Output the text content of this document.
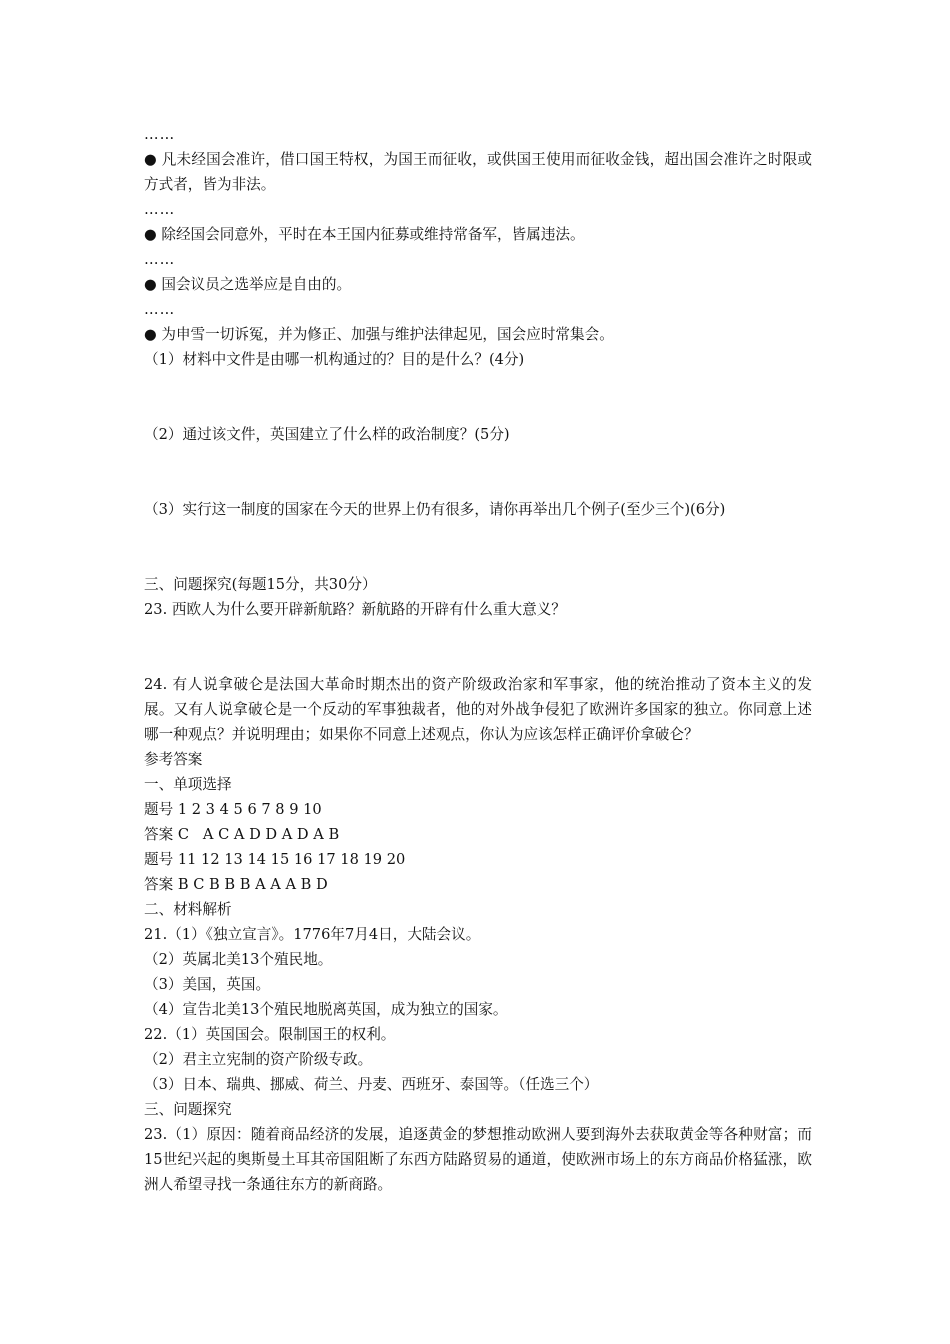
……
● 凡未经国会准许，借口国王特权，为国王而征收，或供国王使用而征收金钱，超出国会准许之时限或方式者，皆为非法。
……
● 除经国会同意外，平时在本王国内征募或维持常备军，皆属违法。
……
● 国会议员之选举应是自由的。
……
● 为申雪一切诉冤，并为修正、加强与维护法律起见，国会应时常集会。
（1）材料中文件是由哪一机构通过的？目的是什么？(4分)
（2）通过该文件，英国建立了什么样的政治制度？(5分)
（3）实行这一制度的国家在今天的世界上仍有很多，请你再举出几个例子(至少三个)(6分)
三、问题探究(每题15分，共30分）
23. 西欧人为什么要开辟新航路？新航路的开辟有什么重大意义？
24. 有人说拿破仑是法国大革命时期杰出的资产阶级政治家和军事家，他的统治推动了资本主义的发展。又有人说拿破仑是一个反动的军事独裁者，他的对外战争侵犯了欧洲许多国家的独立。你同意上述哪一种观点？并说明理由；如果你不同意上述观点，你认为应该怎样正确评价拿破仑？
参考答案
一、单项选择
题号 1 2 3 4 5 6 7 8 9 10
答案 C   A C A D D A D A B
题号 11 12 13 14 15 16 17 18 19 20
答案 B C B B B A A A B D
二、材料解析
21.（1）《独立宣言》。1776年7月4日，大陆会议。
（2）英属北美13个殖民地。
（3）美国，英国。
（4）宣告北美13个殖民地脱离英国，成为独立的国家。
22.（1）英国国会。限制国王的权利。
（2）君主立宪制的资产阶级专政。
（3）日本、瑞典、挪威、荷兰、丹麦、西班牙、泰国等。（任选三个）
三、问题探究
23.（1）原因：随着商品经济的发展，追逐黄金的梦想推动欧洲人要到海外去获取黄金等各种财富；而15世纪兴起的奥斯曼土耳其帝国阻断了东西方陆路贸易的通道，使欧洲市场上的东方商品价格猛涨，欧洲人希望寻找一条通往东方的新商路。
